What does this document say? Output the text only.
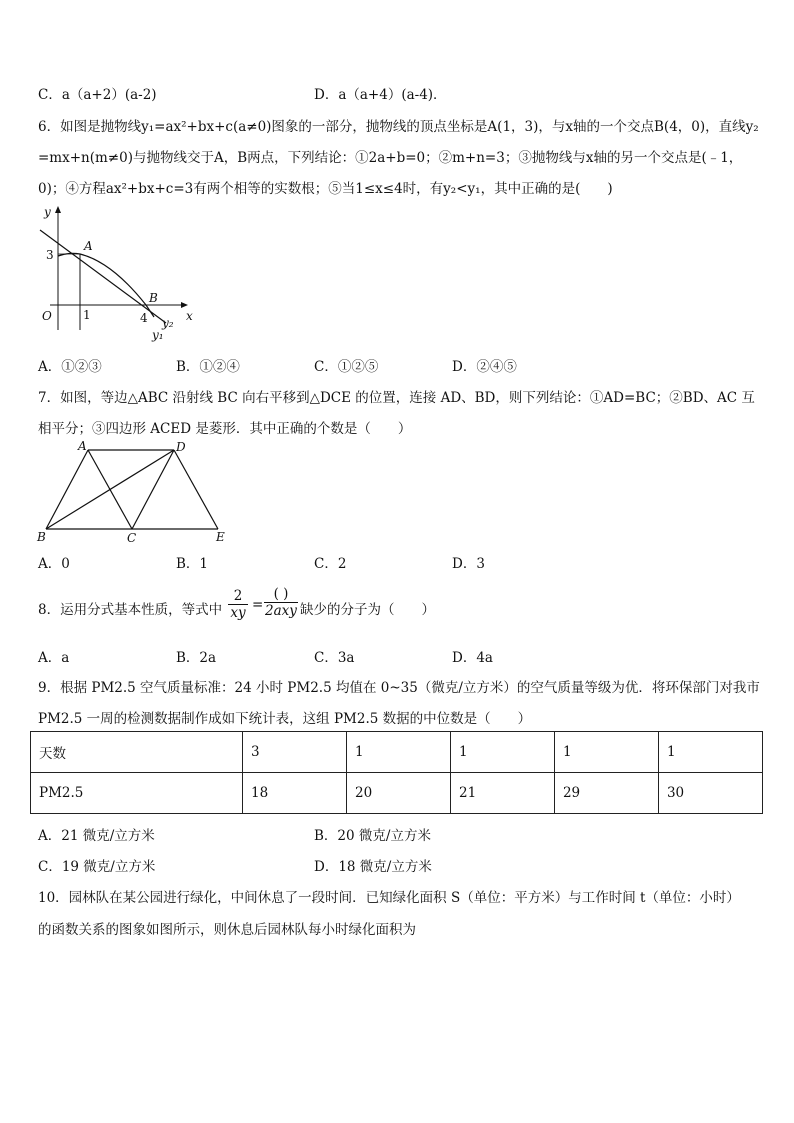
C．a（a+2）(a-2)	D．a（a+4）(a-4)．
6．如图是抛物线y₁=ax²+bx+c(a≠0)图象的一部分，抛物线的顶点坐标是A(1，3)，与x轴的一个交点B(4，0)，直线y₂
=mx+n(m≠0)与抛物线交于A，B两点，下列结论：①2a+b=0；②m+n=3；③抛物线与x轴的另一个交点是(﹣1，
0)；④方程ax²+bx+c=3有两个相等的实数根；⑤当1≤x≤4时，有y₂<y₁，其中正确的是(　　)
y
x
O
3
1	4
A
B
y₂
y₁
A．①②③	B．①②④	C．①②⑤	D．②④⑤
7．如图，等边△ABC 沿射线 BC 向右平移到△DCE 的位置，连接 AD、BD，则下列结论：①AD=BC；②BD、AC 互
相平分；③四边形 ACED 是菱形．其中正确的个数是（　　）
A	D
B	C	E
A．0	B．1	C．2	D．3
8．运用分式基本性质，等式中
2
xy =
( )
2axy 缺少的分子为（　　）
A．a	B．2a	C．3a	D．4a
9．根据 PM2.5 空气质量标准：24 小时 PM2.5 均值在 0~35（微克/立方米）的空气质量等级为优．将环保部门对我市
PM2.5 一周的检测数据制作成如下统计表，这组 PM2.5 数据的中位数是（　　）
天数	3	1	1	1	1
PM2.5	18	20	21	29	30
A．21 微克/立方米	B．20 微克/立方米
C．19 微克/立方米	D．18 微克/立方米
10．园林队在某公园进行绿化，中间休息了一段时间．已知绿化面积 S（单位：平方米）与工作时间 t（单位：小时）
的函数关系的图象如图所示，则休息后园林队每小时绿化面积为
